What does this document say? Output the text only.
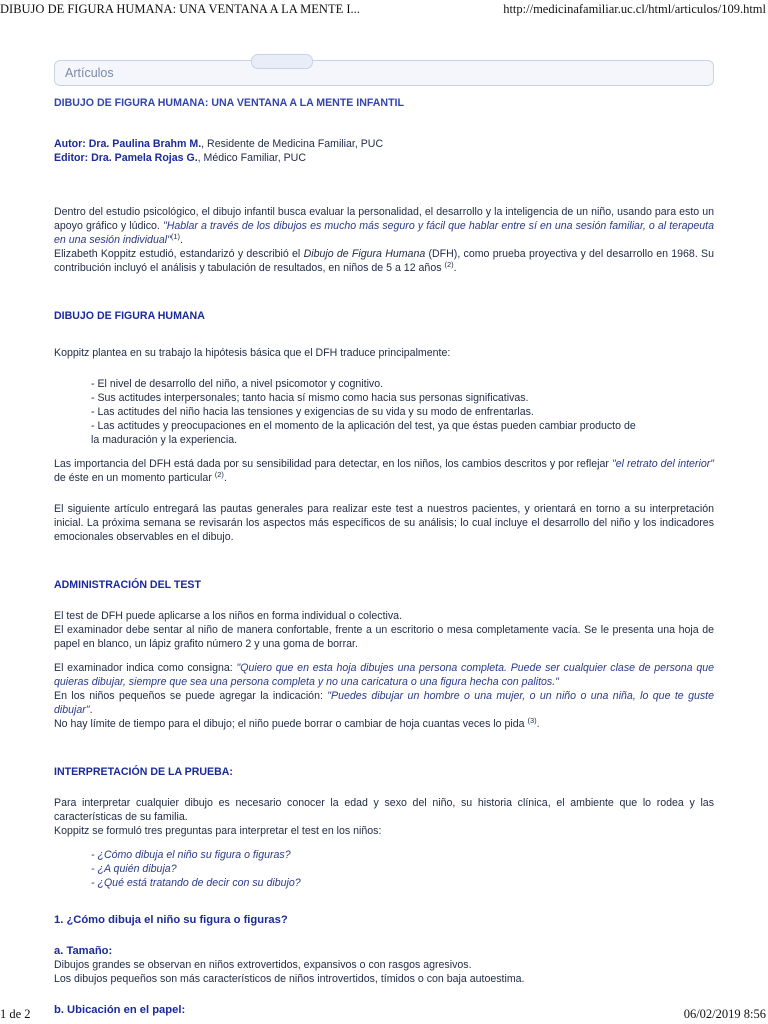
DIBUJO DE FIGURA HUMANA: UNA VENTANA A LA MENTE I...	http://medicinafamiliar.uc.cl/html/articulos/109.html
Artículos

DIBUJO DE FIGURA HUMANA: UNA VENTANA A LA MENTE INFANTIL

Autor: Dra. Paulina Brahm M., Residente de Medicina Familiar, PUC

Editor: Dra. Pamela Rojas G., Médico Familiar, PUC

Dentro del estudio psicológico, el dibujo infantil busca evaluar la personalidad, el desarrollo y la inteligencia de un niño, usando para esto un apoyo gráfico y lúdico. "Hablar a través de los dibujos es mucho más seguro y fácil que hablar entre sí en una sesión familiar, o al terapeuta en una sesión individual"$^{(1)}$.

Elizabeth Koppitz estudió, estandarizó y describió el Dibujo de Figura Humana (DFH), como prueba proyectiva y del desarrollo en 1968. Su contribución incluyó el análisis y tabulación de resultados, en niños de 5 a 12 años $^{(2)}$.

DIBUJO DE FIGURA HUMANA

Koppitz plantea en su trabajo la hipótesis básica que el DFH traduce principalmente:

- El nivel de desarrollo del niño, a nivel psicomotor y cognitivo.
- Sus actitudes interpersonales; tanto hacia sí mismo como hacia sus personas significativas.
- Las actitudes del niño hacia las tensiones y exigencias de su vida y su modo de enfrentarlas.
- Las actitudes y preocupaciones en el momento de la aplicación del test, ya que éstas pueden cambiar producto de
la maduración y la experiencia.

Las importancia del DFH está dada por su sensibilidad para detectar, en los niños, los cambios descritos y por reflejar "el retrato del interior" de éste en un momento particular $^{(2)}$.

El siguiente artículo entregará las pautas generales para realizar este test a nuestros pacientes, y orientará en torno a su interpretación inicial. La próxima semana se revisarán los aspectos más específicos de su análisis; lo cual incluye el desarrollo del niño y los indicadores emocionales observables en el dibujo.

ADMINISTRACIÓN DEL TEST

El test de DFH puede aplicarse a los niños en forma individual o colectiva.

El examinador debe sentar al niño de manera confortable, frente a un escritorio o mesa completamente vacía. Se le presenta una hoja de papel en blanco, un lápiz grafito número 2 y una goma de borrar.

El examinador indica como consigna: "Quiero que en esta hoja dibujes una persona completa. Puede ser cualquier clase de persona que quieras dibujar, siempre que sea una persona completa y no una caricatura o una figura hecha con palitos."

En los niños pequeños se puede agregar la indicación: "Puedes dibujar un hombre o una mujer, o un niño o una niña, lo que te guste dibujar".

No hay límite de tiempo para el dibujo; el niño puede borrar o cambiar de hoja cuantas veces lo pida $^{(3)}$.

INTERPRETACIÓN DE LA PRUEBA:

Para interpretar cualquier dibujo es necesario conocer la edad y sexo del niño, su historia clínica, el ambiente que lo rodea y las características de su familia.

Koppitz se formuló tres preguntas para interpretar el test en los niños:

- ¿Cómo dibuja el niño su figura o figuras?
- ¿A quién dibuja?
- ¿Qué está tratando de decir con su dibujo?

1. ¿Cómo dibuja el niño su figura o figuras?

a. Tamaño:

Dibujos grandes se observan en niños extrovertidos, expansivos o con rasgos agresivos.

Los dibujos pequeños son más característicos de niños introvertidos, tímidos o con baja autoestima.

b. Ubicación en el papel:

1 de 2	06/02/2019 8:56
